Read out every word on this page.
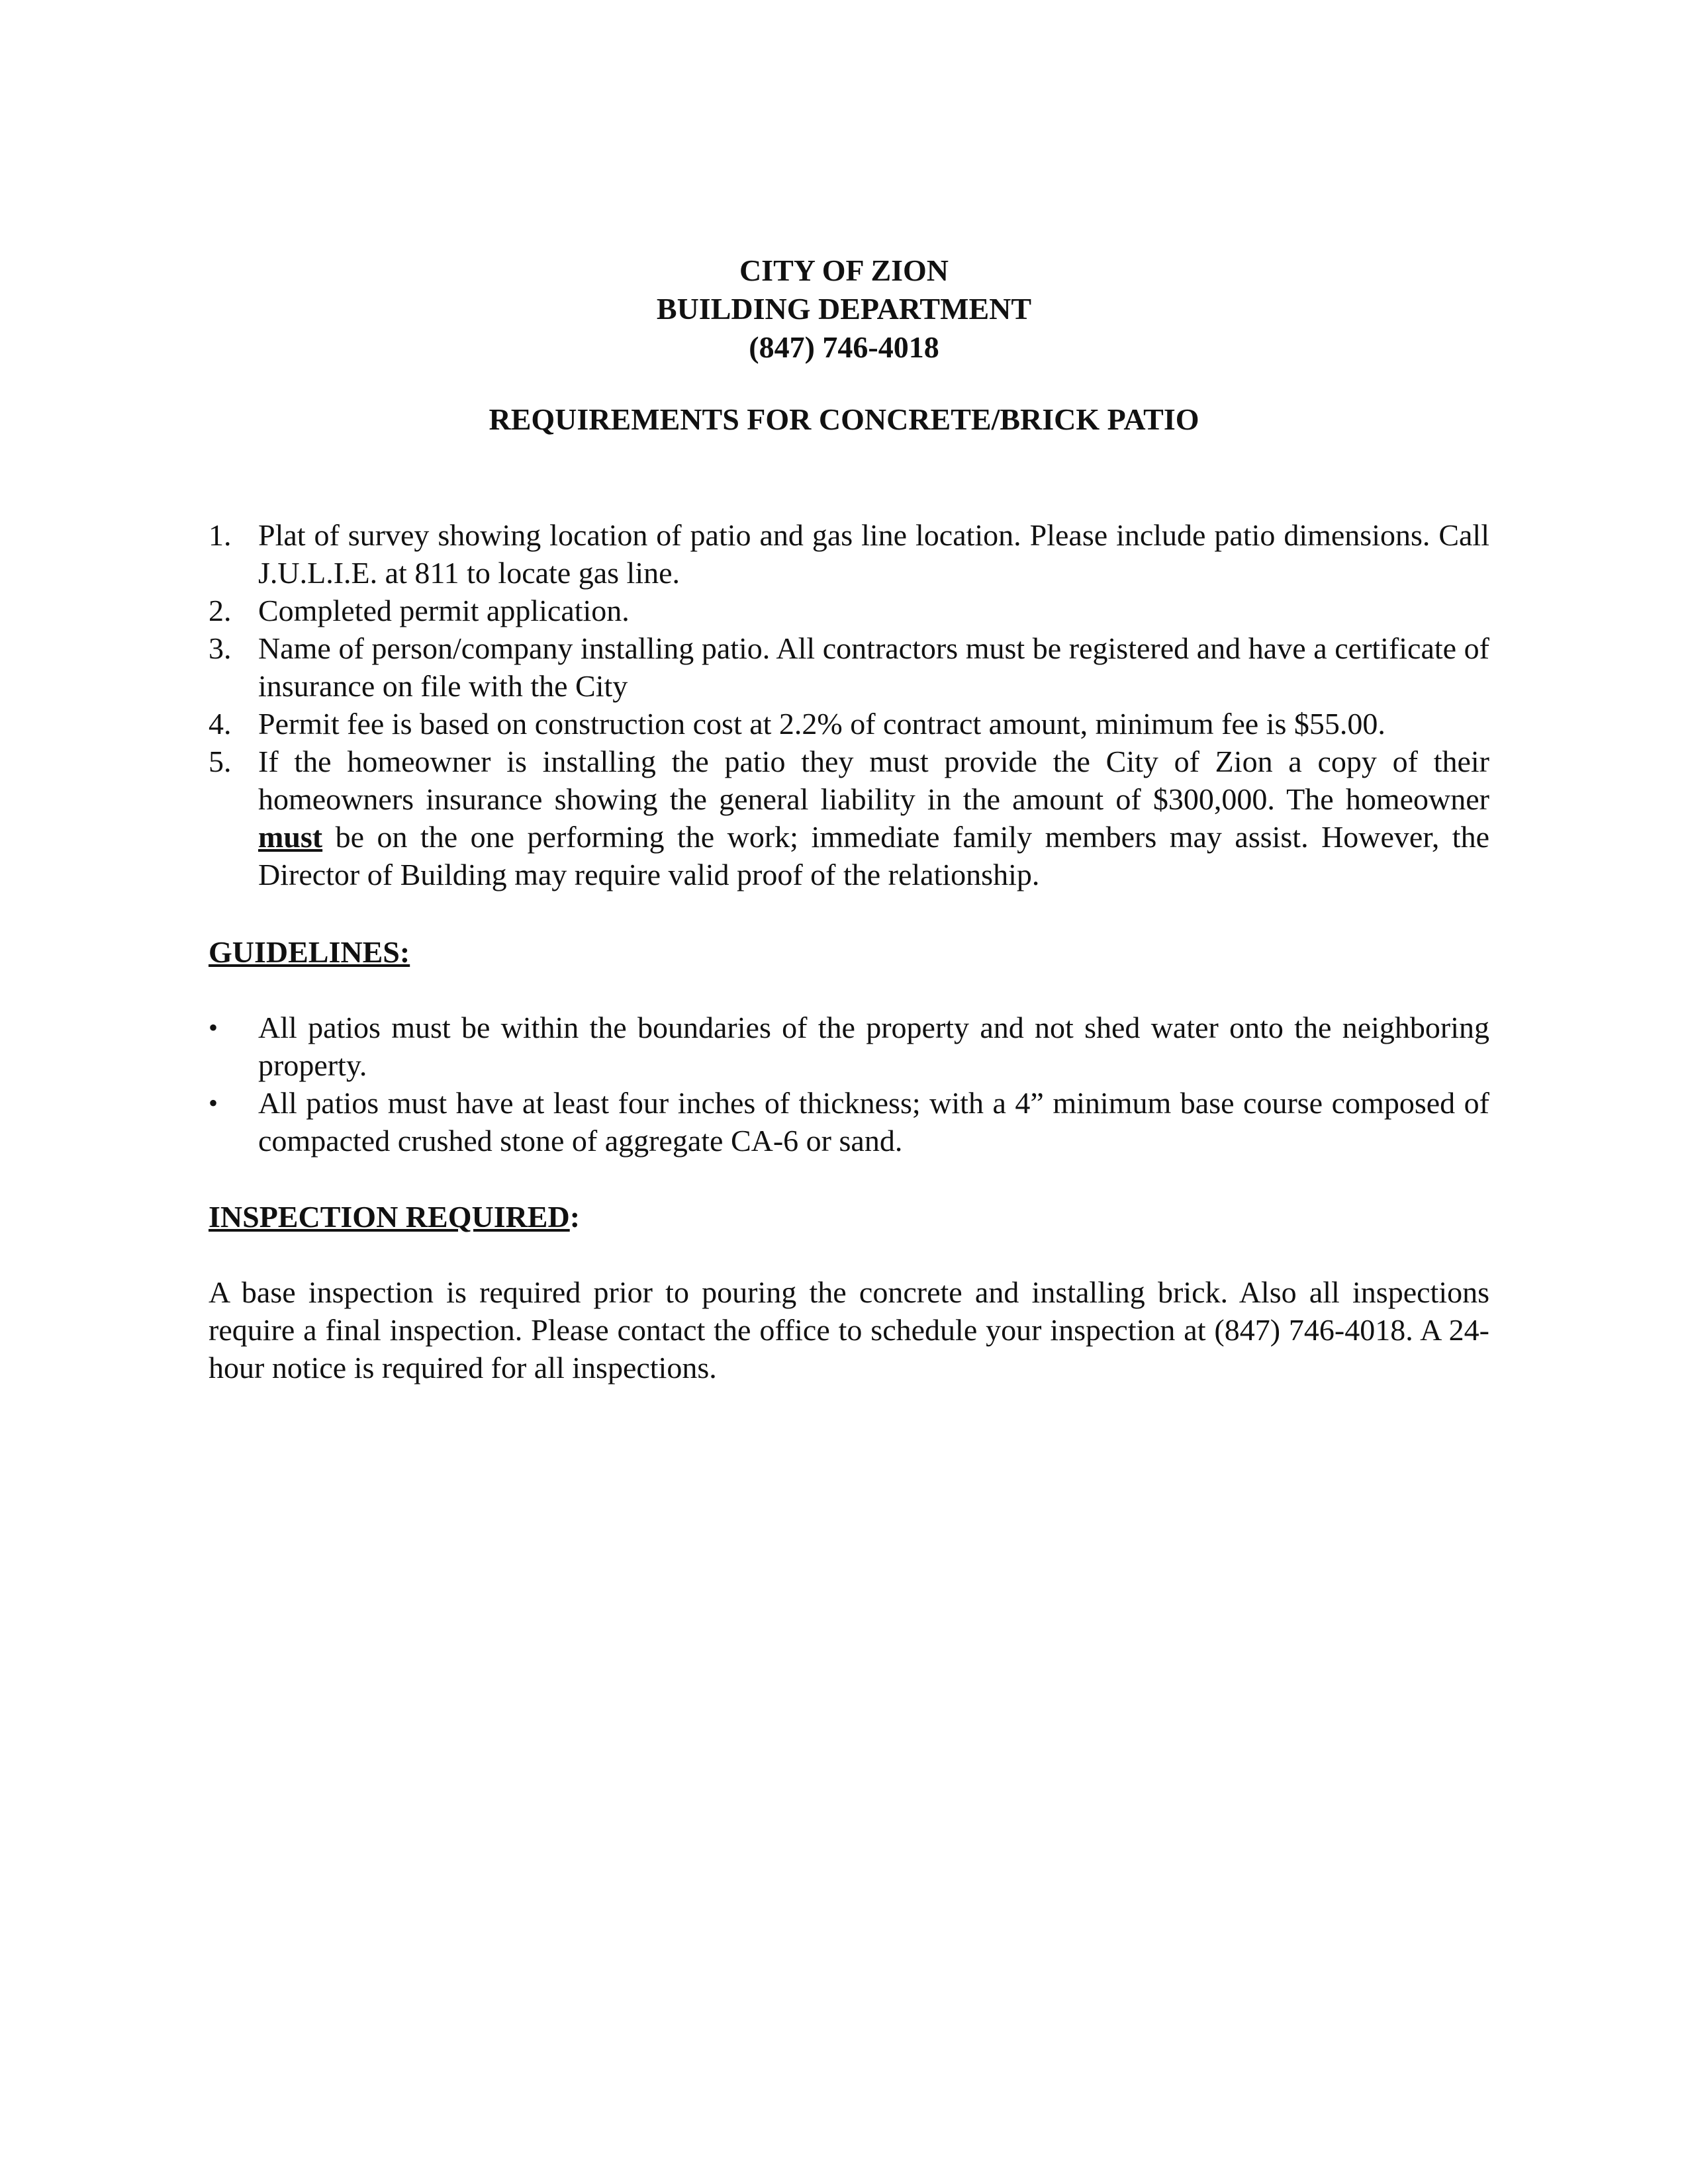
CITY OF ZION
BUILDING DEPARTMENT
(847) 746-4018
REQUIREMENTS FOR CONCRETE/BRICK PATIO
1. Plat of survey showing location of patio and gas line location. Please include patio dimensions. Call J.U.L.I.E. at 811 to locate gas line.
2. Completed permit application.
3. Name of person/company installing patio. All contractors must be registered and have a certificate of insurance on file with the City
4. Permit fee is based on construction cost at 2.2% of contract amount, minimum fee is $55.00.
5. If the homeowner is installing the patio they must provide the City of Zion a copy of their homeowners insurance showing the general liability in the amount of $300,000. The homeowner must be on the one performing the work; immediate family members may assist. However, the Director of Building may require valid proof of the relationship.

GUIDELINES:

•	All patios must be within the boundaries of the property and not shed water onto the neighboring property.
•	All patios must have at least four inches of thickness; with a 4” minimum base course composed of compacted crushed stone of aggregate CA-6 or sand.

INSPECTION REQUIRED:

A base inspection is required prior to pouring the concrete and installing brick. Also all inspections require a final inspection. Please contact the office to schedule your inspection at (847) 746-4018. A 24-hour notice is required for all inspections.
